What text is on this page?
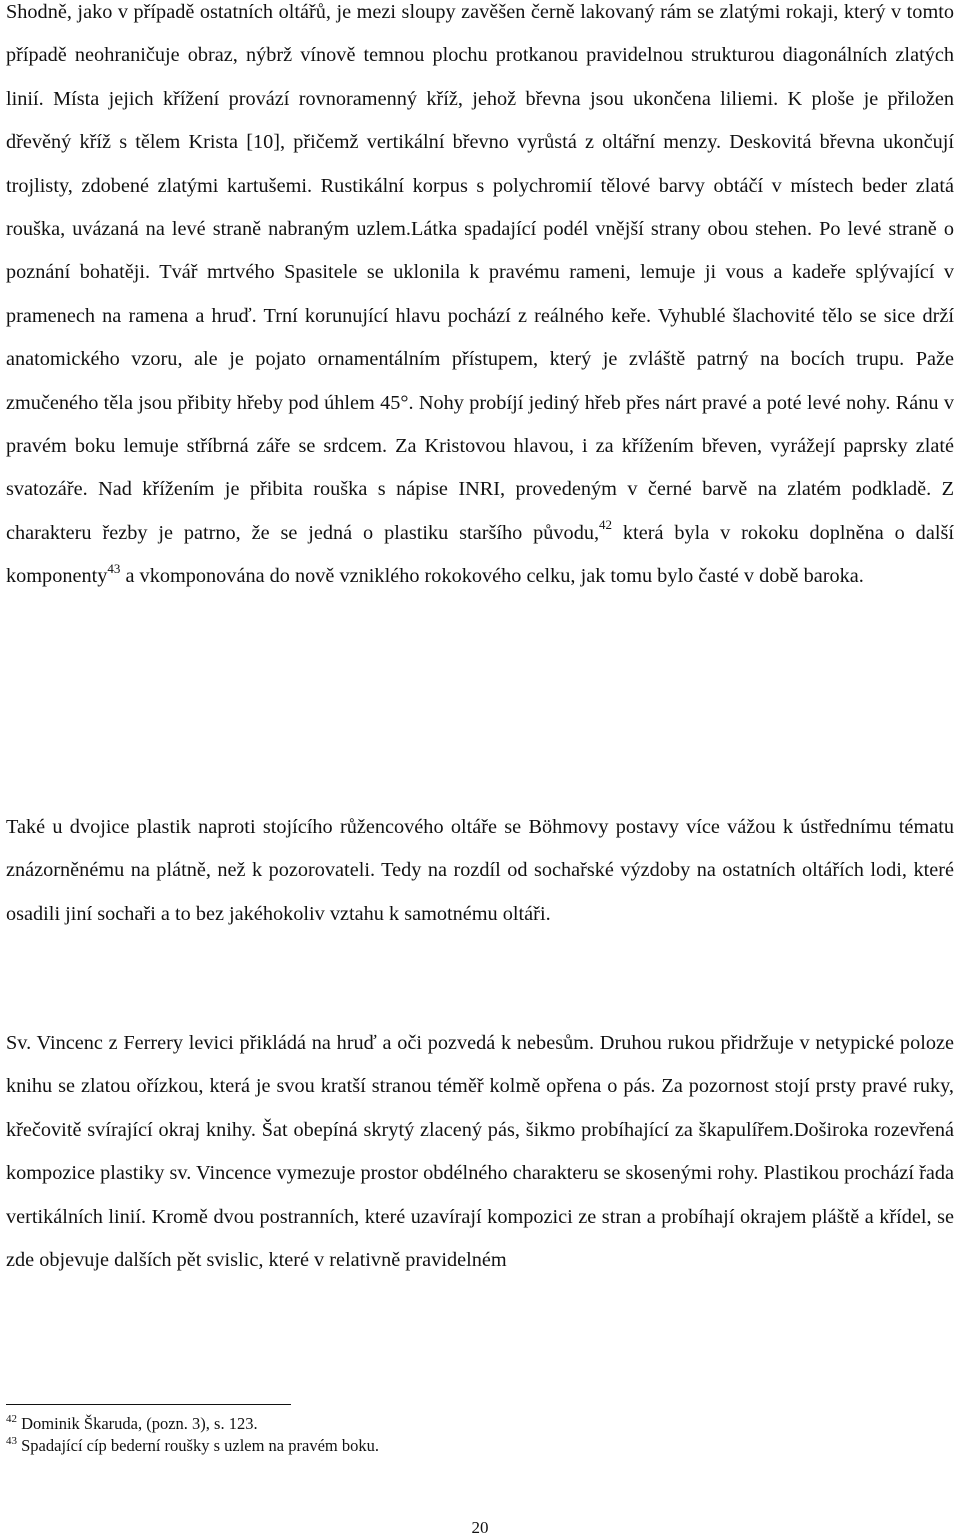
Shodně, jako v případě ostatních oltářů, je mezi sloupy zavěšen černě lakovaný rám se zlatými rokaji, který v tomto případě neohraničuje obraz, nýbrž vínově temnou plochu protkanou pravidelnou strukturou diagonálních zlatých linií. Místa jejich křížení provází rovnoramenný kříž, jehož břevna jsou ukončena liliemi. K ploše je přiložen dřevěný kříž s tělem Krista [10], přičemž vertikální břevno vyrůstá z oltářní menzy. Deskovitá břevna ukončují trojlisty, zdobené zlatými kartušemi. Rustikální korpus s polychromií tělové barvy obtáčí v místech beder zlatá rouška, uvázaná na levé straně nabraným uzlem.Látka spadající podél vnější strany obou stehen. Po levé straně o poznání bohatěji. Tvář mrtvého Spasitele se uklonila k pravému rameni, lemuje ji vous a kadeře splývající v pramenech na ramena a hruď. Trní korunující hlavu pochází z reálného keře. Vyhublé šlachovité tělo se sice drží anatomického vzoru, ale je pojato ornamentálním přístupem, který je zvláště patrný na bocích trupu. Paže zmučeného těla jsou přibity hřeby pod úhlem 45°. Nohy probíjí jediný hřeb přes nárt pravé a poté levé nohy. Ránu v pravém boku lemuje stříbrná záře se srdcem. Za Kristovou hlavou, i za křížením břeven, vyrážejí paprsky zlaté svatozáře. Nad křížením je přibita rouška s nápise INRI, provedeným v černé barvě na zlatém podkladě. Z charakteru řezby je patrno, že se jedná o plastiku staršího původu,$^{42}$ která byla v rokoku doplněna o další komponenty$^{43}$ a vkomponována do nově vzniklého rokokového celku, jak tomu bylo časté v době baroka.

Také u dvojice plastik naproti stojícího růžencového oltáře se Böhmovy postavy více vážou k ústřednímu tématu znázorněnému na plátně, než k pozorovateli. Tedy na rozdíl od sochařské výzdoby na ostatních oltářích lodi, které osadili jiní sochaři a to bez jakéhokoliv vztahu k samotnému oltáři.

Sv. Vincenc z Ferrery levici přikládá na hruď a oči pozvedá k nebesům. Druhou rukou přidržuje v netypické poloze knihu se zlatou ořízkou, která je svou kratší stranou téměř kolmě opřena o pás. Za pozornost stojí prsty pravé ruky, křečovitě svírající okraj knihy. Šat obepíná skrytý zlacený pás, šikmo probíhající za škapulířem.Doširoka rozevřená kompozice plastiky sv. Vincence vymezuje prostor obdélného charakteru se skosenými rohy. Plastikou prochází řada vertikálních linií. Kromě dvou postranních, které uzavírají kompozici ze stran a probíhají okrajem pláště a křídel, se zde objevuje dalších pět svislic, které v relativně pravidelném

$^{42}$ Dominik Škaruda, (pozn. 3), s. 123.

$^{43}$ Spadající cíp bederní roušky s uzlem na pravém boku.

20
